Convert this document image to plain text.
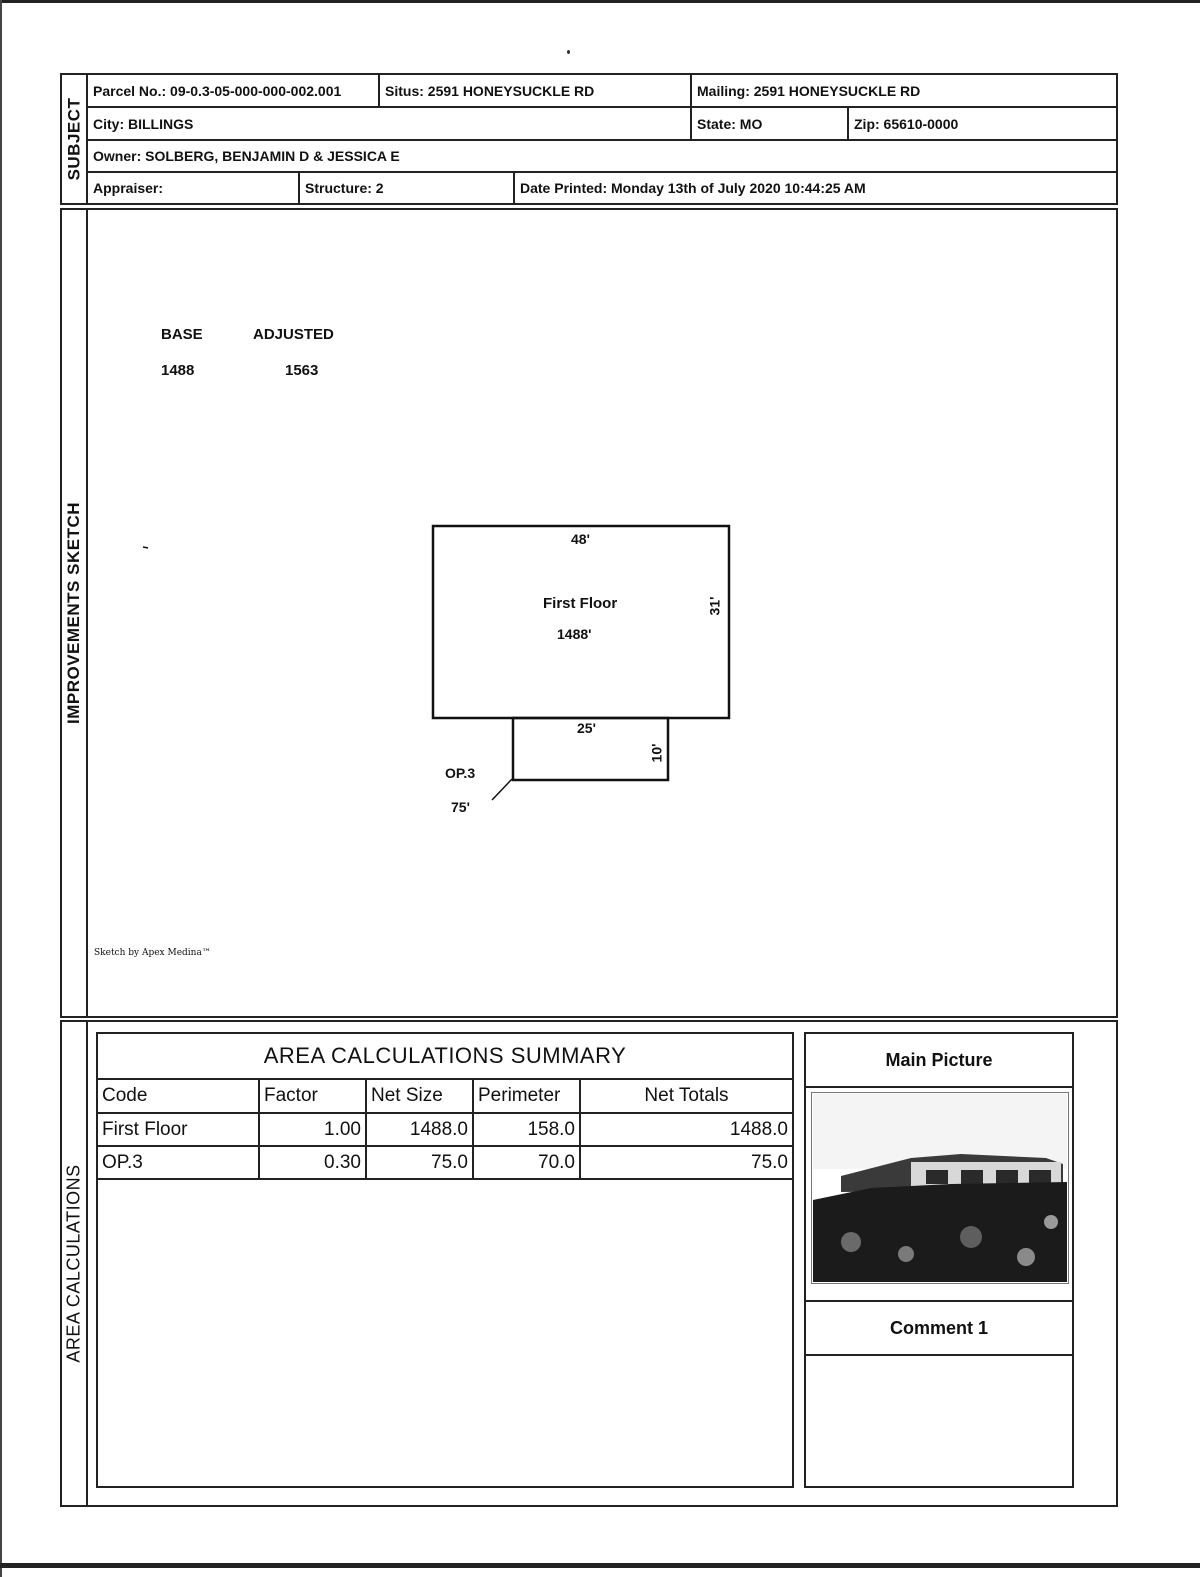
SUBJECT
Parcel No.: 09-0.3-05-000-000-002.001	Situs: 2591 HONEYSUCKLE RD	Mailing: 2591 HONEYSUCKLE RD
City: BILLINGS	State: MO	Zip: 65610-0000
Owner: SOLBERG, BENJAMIN D & JESSICA E
Appraiser:	Structure: 2	Date Printed: Monday 13th of July 2020 10:44:25 AM
IMPROVEMENTS SKETCH
BASE	ADJUSTED
1488	1563
48'
31'
First Floor
1488'
25'
10'
OP.3
75'
Sketch by Apex Medina™
AREA CALCULATIONS
AREA CALCULATIONS SUMMARY
Code	Factor	Net Size	Perimeter	Net Totals
First Floor	1.00	1488.0	158.0	1488.0
OP.3	0.30	75.0	70.0	75.0
Main Picture
Comment 1
